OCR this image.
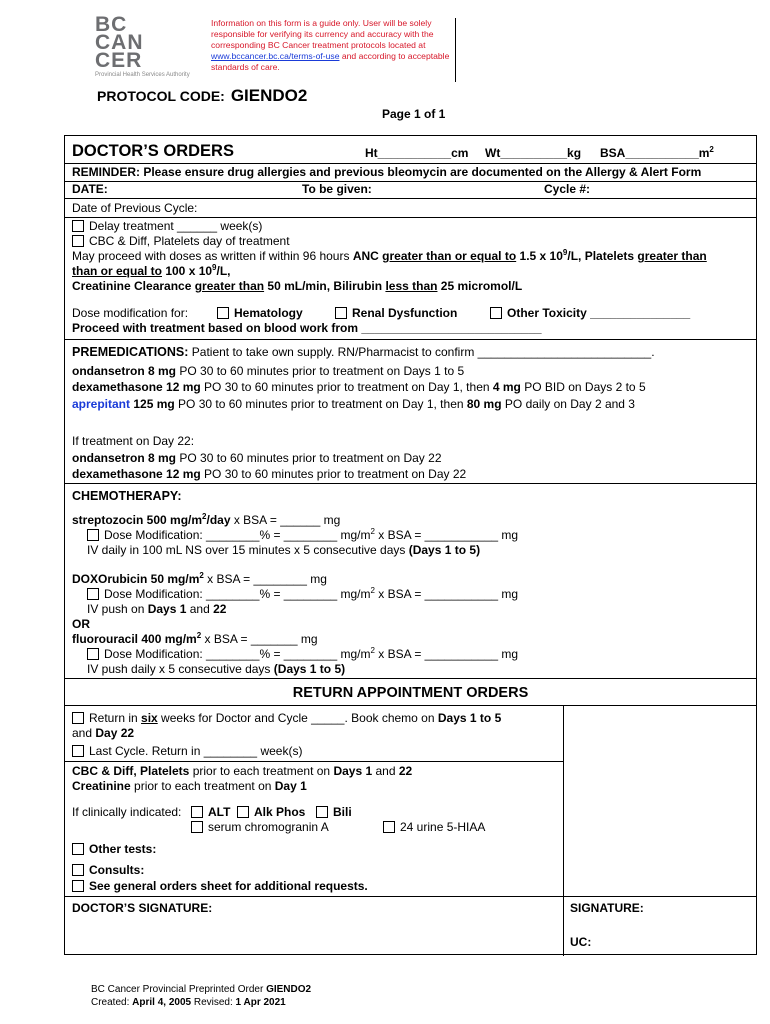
BC
CAN
CER
Provincial Health Services Authority
Information on this form is a guide only. User will be solely responsible for verifying its currency and accuracy with the corresponding BC Cancer treatment protocols located at www.bccancer.bc.ca/terms-of-use and according to acceptable standards of care.
PROTOCOL CODE: GIENDO2
Page 1 of 1
DOCTOR’S ORDERS	Ht___________cm Wt__________kg $BSA\_\_\_\_\_\_\_\_\_\_\_m^2$
REMINDER: Please ensure drug allergies and previous bleomycin are documented on the Allergy & Alert Form
DATE:	To be given:	Cycle #:
Date of Previous Cycle:
Delay treatment ______ week(s)
CBC & Diff, Platelets day of treatment
May proceed with doses as written if within 96 hours ANC greater than or equal to 1.5 x $10^9/L$, Platelets greater than
than or equal to 100 x $10^9/L$,
Creatinine Clearance greater than 50 mL/min, Bilirubin less than 25 micromol/L
Dose modification for:	Hematology	Renal Dysfunction	Other Toxicity _______________
Proceed with treatment based on blood work from ___________________________
PREMEDICATIONS: Patient to take own supply. RN/Pharmacist to confirm __________________________.
ondansetron 8 mg PO 30 to 60 minutes prior to treatment on Days 1 to 5
dexamethasone 12 mg PO 30 to 60 minutes prior to treatment on Day 1, then 4 mg PO BID on Days 2 to 5
aprepitant 125 mg PO 30 to 60 minutes prior to treatment on Day 1, then 80 mg PO daily on Day 2 and 3
If treatment on Day 22:
ondansetron 8 mg PO 30 to 60 minutes prior to treatment on Day 22
dexamethasone 12 mg PO 30 to 60 minutes prior to treatment on Day 22
CHEMOTHERAPY:
streptozocin 500 $mg/m^2$/day x BSA = ______ mg
Dose Modification: ________% = ________ $mg/m^2$ x BSA = ___________ mg
IV daily in 100 mL NS over 15 minutes x 5 consecutive days (Days 1 to 5)
DOXOrubicin 50 $mg/m^2$ x BSA = ________ mg
Dose Modification: ________% = ________ $mg/m^2$ x BSA = ___________ mg
IV push on Days 1 and 22
OR
fluorouracil 400 $mg/m^2$ x BSA = _______ mg
Dose Modification: ________% = ________ $mg/m^2$ x BSA = ___________ mg
IV push daily x 5 consecutive days (Days 1 to 5)
RETURN APPOINTMENT ORDERS
Return in six weeks for Doctor and Cycle _____. Book chemo on Days 1 to 5
and Day 22
Last Cycle. Return in ________ week(s)
CBC & Diff, Platelets prior to each treatment on Days 1 and 22
Creatinine prior to each treatment on Day 1
If clinically indicated:	ALT	Alk Phos	Bili
serum chromogranin A	24 urine 5-HIAA
Other tests:
Consults:
See general orders sheet for additional requests.
DOCTOR’S SIGNATURE:	SIGNATURE:
UC:
BC Cancer Provincial Preprinted Order GIENDO2
Created: April 4, 2005 Revised: 1 Apr 2021
